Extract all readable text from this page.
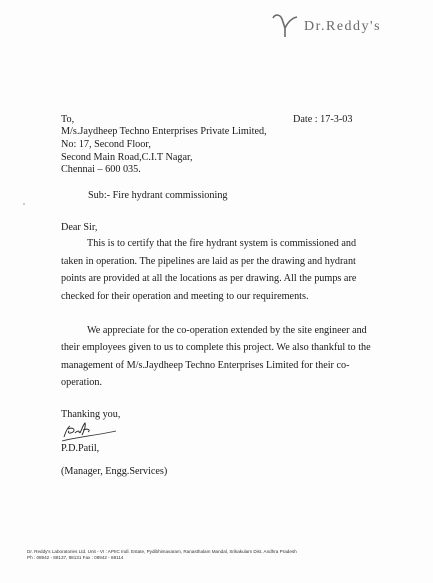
Dr.Reddy's
To,	Date : 17-3-03
M/s.Jaydheep Techno Enterprises Private Limited,
No: 17, Second Floor,
Second Main Road,C.I.T Nagar,
Chennai – 600 035.
Sub:- Fire hydrant commissioning
Dear Sir,
This is to certify that the fire hydrant system is commissioned and
taken in operation. The pipelines are laid as per the drawing and hydrant
points are provided at all the locations as per drawing. All the pumps are
checked for their operation and meeting to our requirements.
We appreciate for the co-operation extended by the site engineer and
their employees given to us to complete this project. We also thankful to the
management of M/s.Jaydheep Techno Enterprises Limited for their co-
operation.
Thanking you,
P.D.Patil,
(Manager, Engg.Services)
Dr. Reddy's Laboratories Ltd. Unit - VI : APIIC Indl. Estate, Pydibhimavaram, Ranasthalam Mandal, Srikakulam Dist. Andhra Pradesh
Ph : 08942 - 88137, 88131 Fax : 08942 - 88114
